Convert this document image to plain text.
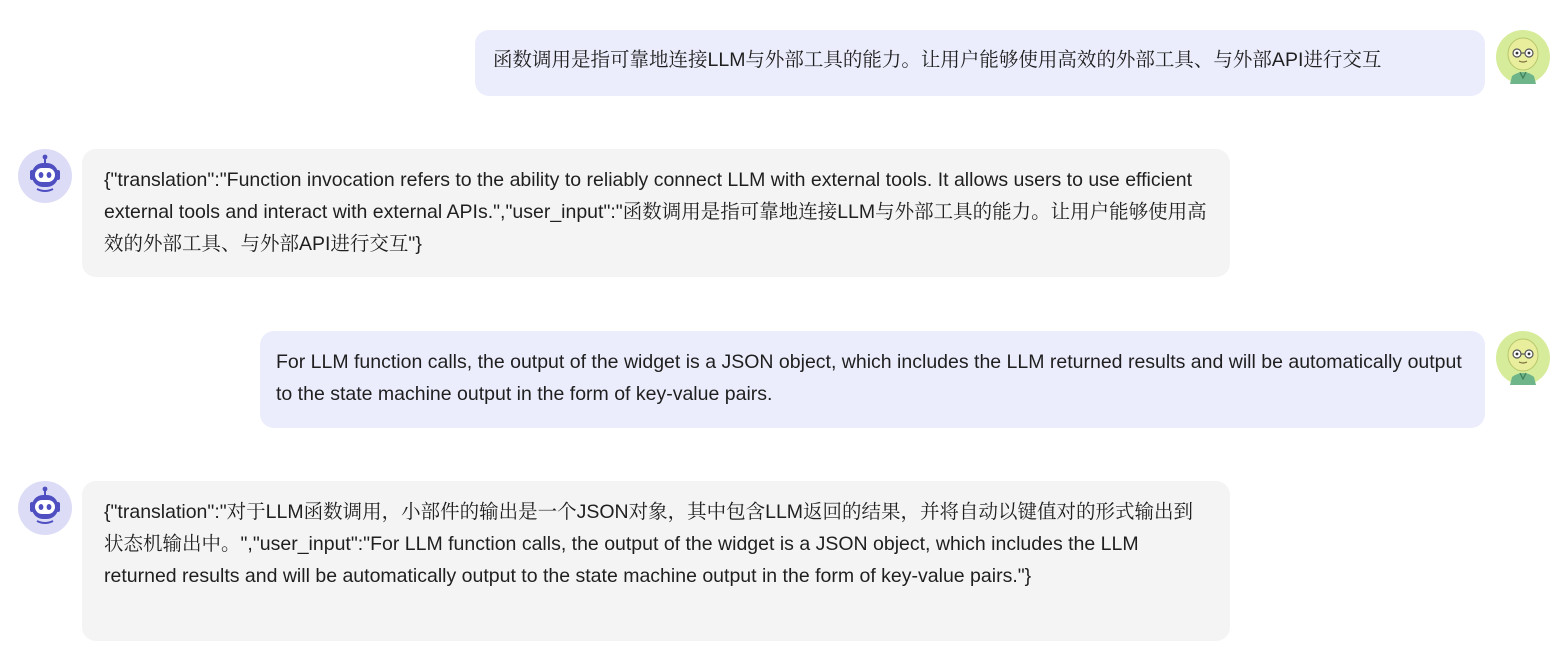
函数调用是指可靠地连接LLM与外部工具的能力。让用户能够使用高效的外部工具、与外部API进行交互
{"translation":"Function invocation refers to the ability to reliably connect LLM with external tools. It allows users to use efficient external tools and interact with external APIs.","user_input":"函数调用是指可靠地连接LLM与外部工具的能力。让用户能够使用高效的外部工具、与外部API进行交互"}
For LLM function calls, the output of the widget is a JSON object, which includes the LLM returned results and will be automatically output to the state machine output in the form of key-value pairs.
{"translation":"对于LLM函数调用，小部件的输出是一个JSON对象，其中包含LLM返回的结果，并将自动以键值对的形式输出到状态机输出中。","user_input":"For LLM function calls, the output of the widget is a JSON object, which includes the LLM returned results and will be automatically output to the state machine output in the form of key-value pairs."}
